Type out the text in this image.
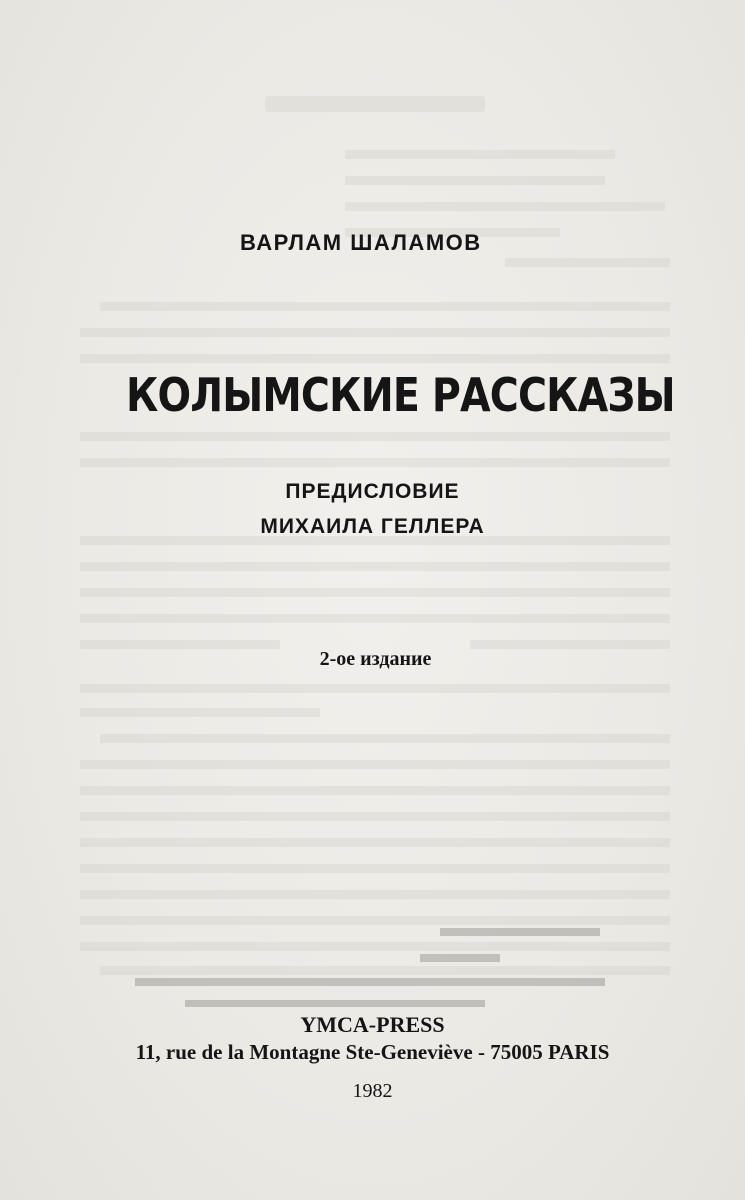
ВАРЛАМ ШАЛАМОВ
КОЛЫМСКИЕ РАССКАЗЫ
ПРЕДИСЛОВИЕ
МИХАИЛА ГЕЛЛЕРА
2-ое издание
YMCA-PRESS
11, rue de la Montagne Ste-Geneviève - 75005 PARIS
1982
